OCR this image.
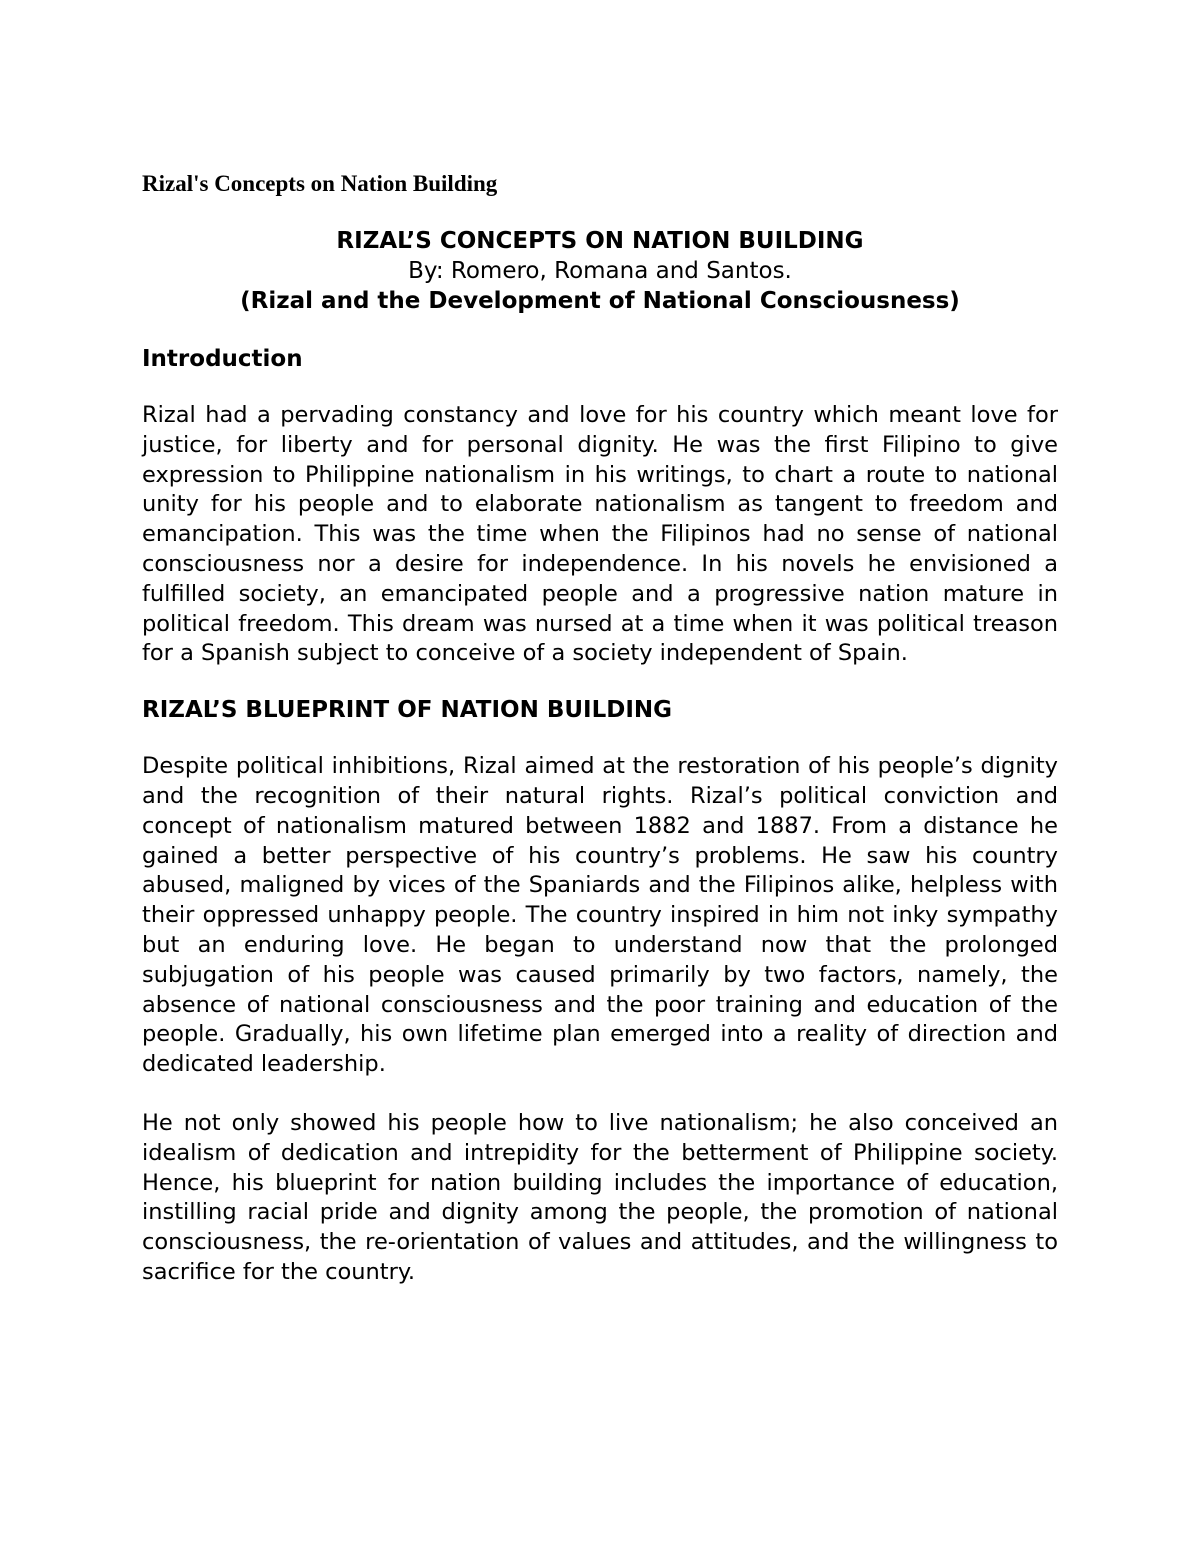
Rizal's Concepts on Nation Building

RIZAL’S CONCEPTS ON NATION BUILDING

By: Romero, Romana and Santos.

(Rizal and the Development of National Consciousness)

Introduction

Rizal had a pervading constancy and love for his country which meant love for justice, for liberty and for personal dignity. He was the first Filipino to give expression to Philippine nationalism in his writings, to chart a route to national unity for his people and to elaborate nationalism as tangent to freedom and emancipation. This was the time when the Filipinos had no sense of national consciousness nor a desire for independence. In his novels he envisioned a fulfilled society, an emancipated people and a progressive nation mature in political freedom. This dream was nursed at a time when it was political treason for a Spanish subject to conceive of a society independent of Spain.

RIZAL’S BLUEPRINT OF NATION BUILDING

Despite political inhibitions, Rizal aimed at the restoration of his people’s dignity and the recognition of their natural rights. Rizal’s political conviction and concept of nationalism matured between 1882 and 1887. From a distance he gained a better perspective of his country’s problems. He saw his country abused, maligned by vices of the Spaniards and the Filipinos alike, helpless with their oppressed unhappy people. The country inspired in him not inky sympathy but an enduring love. He began to understand now that the prolonged subjugation of his people was caused primarily by two factors, namely, the absence of national consciousness and the poor training and education of the people. Gradually, his own lifetime plan emerged into a reality of direction and dedicated leadership.

He not only showed his people how to live nationalism; he also conceived an idealism of dedication and intrepidity for the betterment of Philippine society. Hence, his blueprint for nation building includes the importance of education, instilling racial pride and dignity among the people, the promotion of national consciousness, the re-orientation of values and attitudes, and the willingness to sacrifice for the country.
